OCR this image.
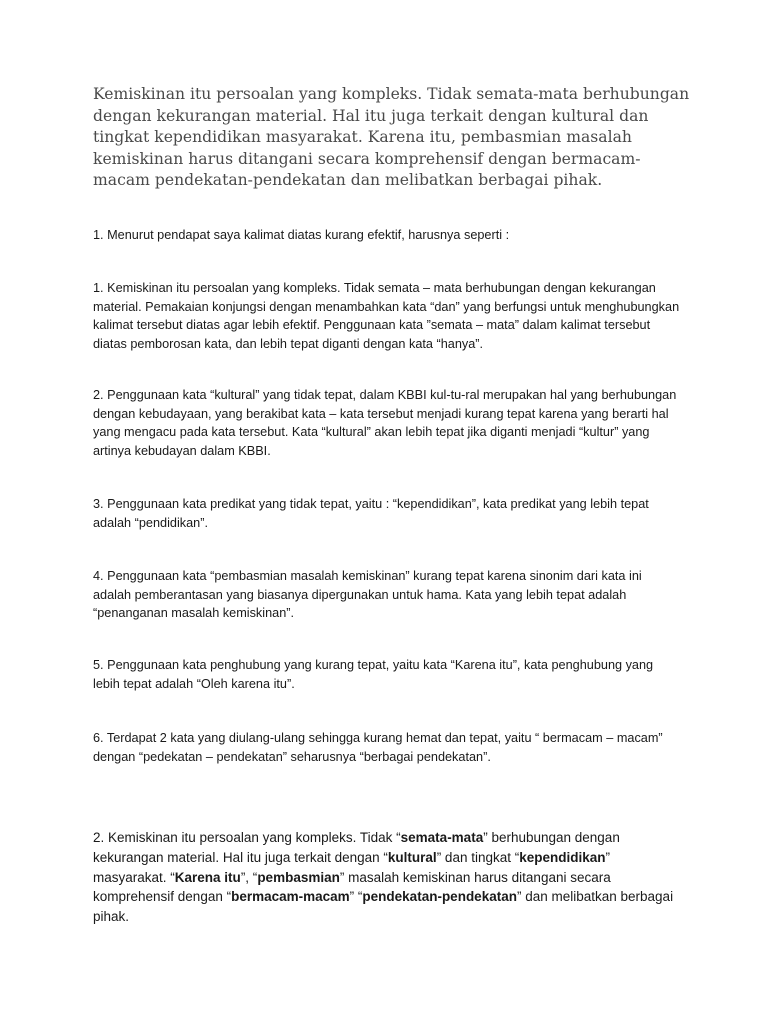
Kemiskinan itu persoalan yang kompleks. Tidak semata-mata berhubungan dengan kekurangan material. Hal itu juga terkait dengan kultural dan tingkat kependidikan masyarakat. Karena itu, pembasmian masalah kemiskinan harus ditangani secara komprehensif dengan bermacam-macam pendekatan-pendekatan dan melibatkan berbagai pihak.

1. Menurut pendapat saya kalimat diatas kurang efektif, harusnya seperti :

1. Kemiskinan itu persoalan yang kompleks. Tidak semata – mata berhubungan dengan kekurangan material. Pemakaian konjungsi dengan menambahkan kata “dan” yang berfungsi untuk menghubungkan kalimat tersebut diatas agar lebih efektif. Penggunaan kata ”semata – mata” dalam kalimat tersebut diatas pemborosan kata, dan lebih tepat diganti dengan kata “hanya”.

2. Penggunaan kata “kultural” yang tidak tepat, dalam KBBI kul-tu-ral merupakan hal yang berhubungan dengan kebudayaan, yang berakibat kata – kata tersebut menjadi kurang tepat karena yang berarti hal yang mengacu pada kata tersebut. Kata “kultural” akan lebih tepat jika diganti menjadi “kultur” yang artinya kebudayan dalam KBBI.

3. Penggunaan kata predikat yang tidak tepat, yaitu : “kependidikan”, kata predikat yang lebih tepat adalah “pendidikan”.

4. Penggunaan kata “pembasmian masalah kemiskinan” kurang tepat karena sinonim dari kata ini adalah pemberantasan yang biasanya dipergunakan untuk hama. Kata yang lebih tepat adalah “penanganan masalah kemiskinan”.

5. Penggunaan kata penghubung yang kurang tepat, yaitu kata “Karena itu”, kata penghubung yang lebih tepat adalah “Oleh karena itu”.

6. Terdapat 2 kata yang diulang-ulang sehingga kurang hemat dan tepat, yaitu “ bermacam – macam” dengan “pedekatan – pendekatan” seharusnya “berbagai pendekatan”.

2. Kemiskinan itu persoalan yang kompleks. Tidak “semata-mata” berhubungan dengan kekurangan material. Hal itu juga terkait dengan “kultural” dan tingkat “kependidikan” masyarakat. “Karena itu”, “pembasmian” masalah kemiskinan harus ditangani secara komprehensif dengan “bermacam-macam” “pendekatan-pendekatan” dan melibatkan berbagai pihak.
